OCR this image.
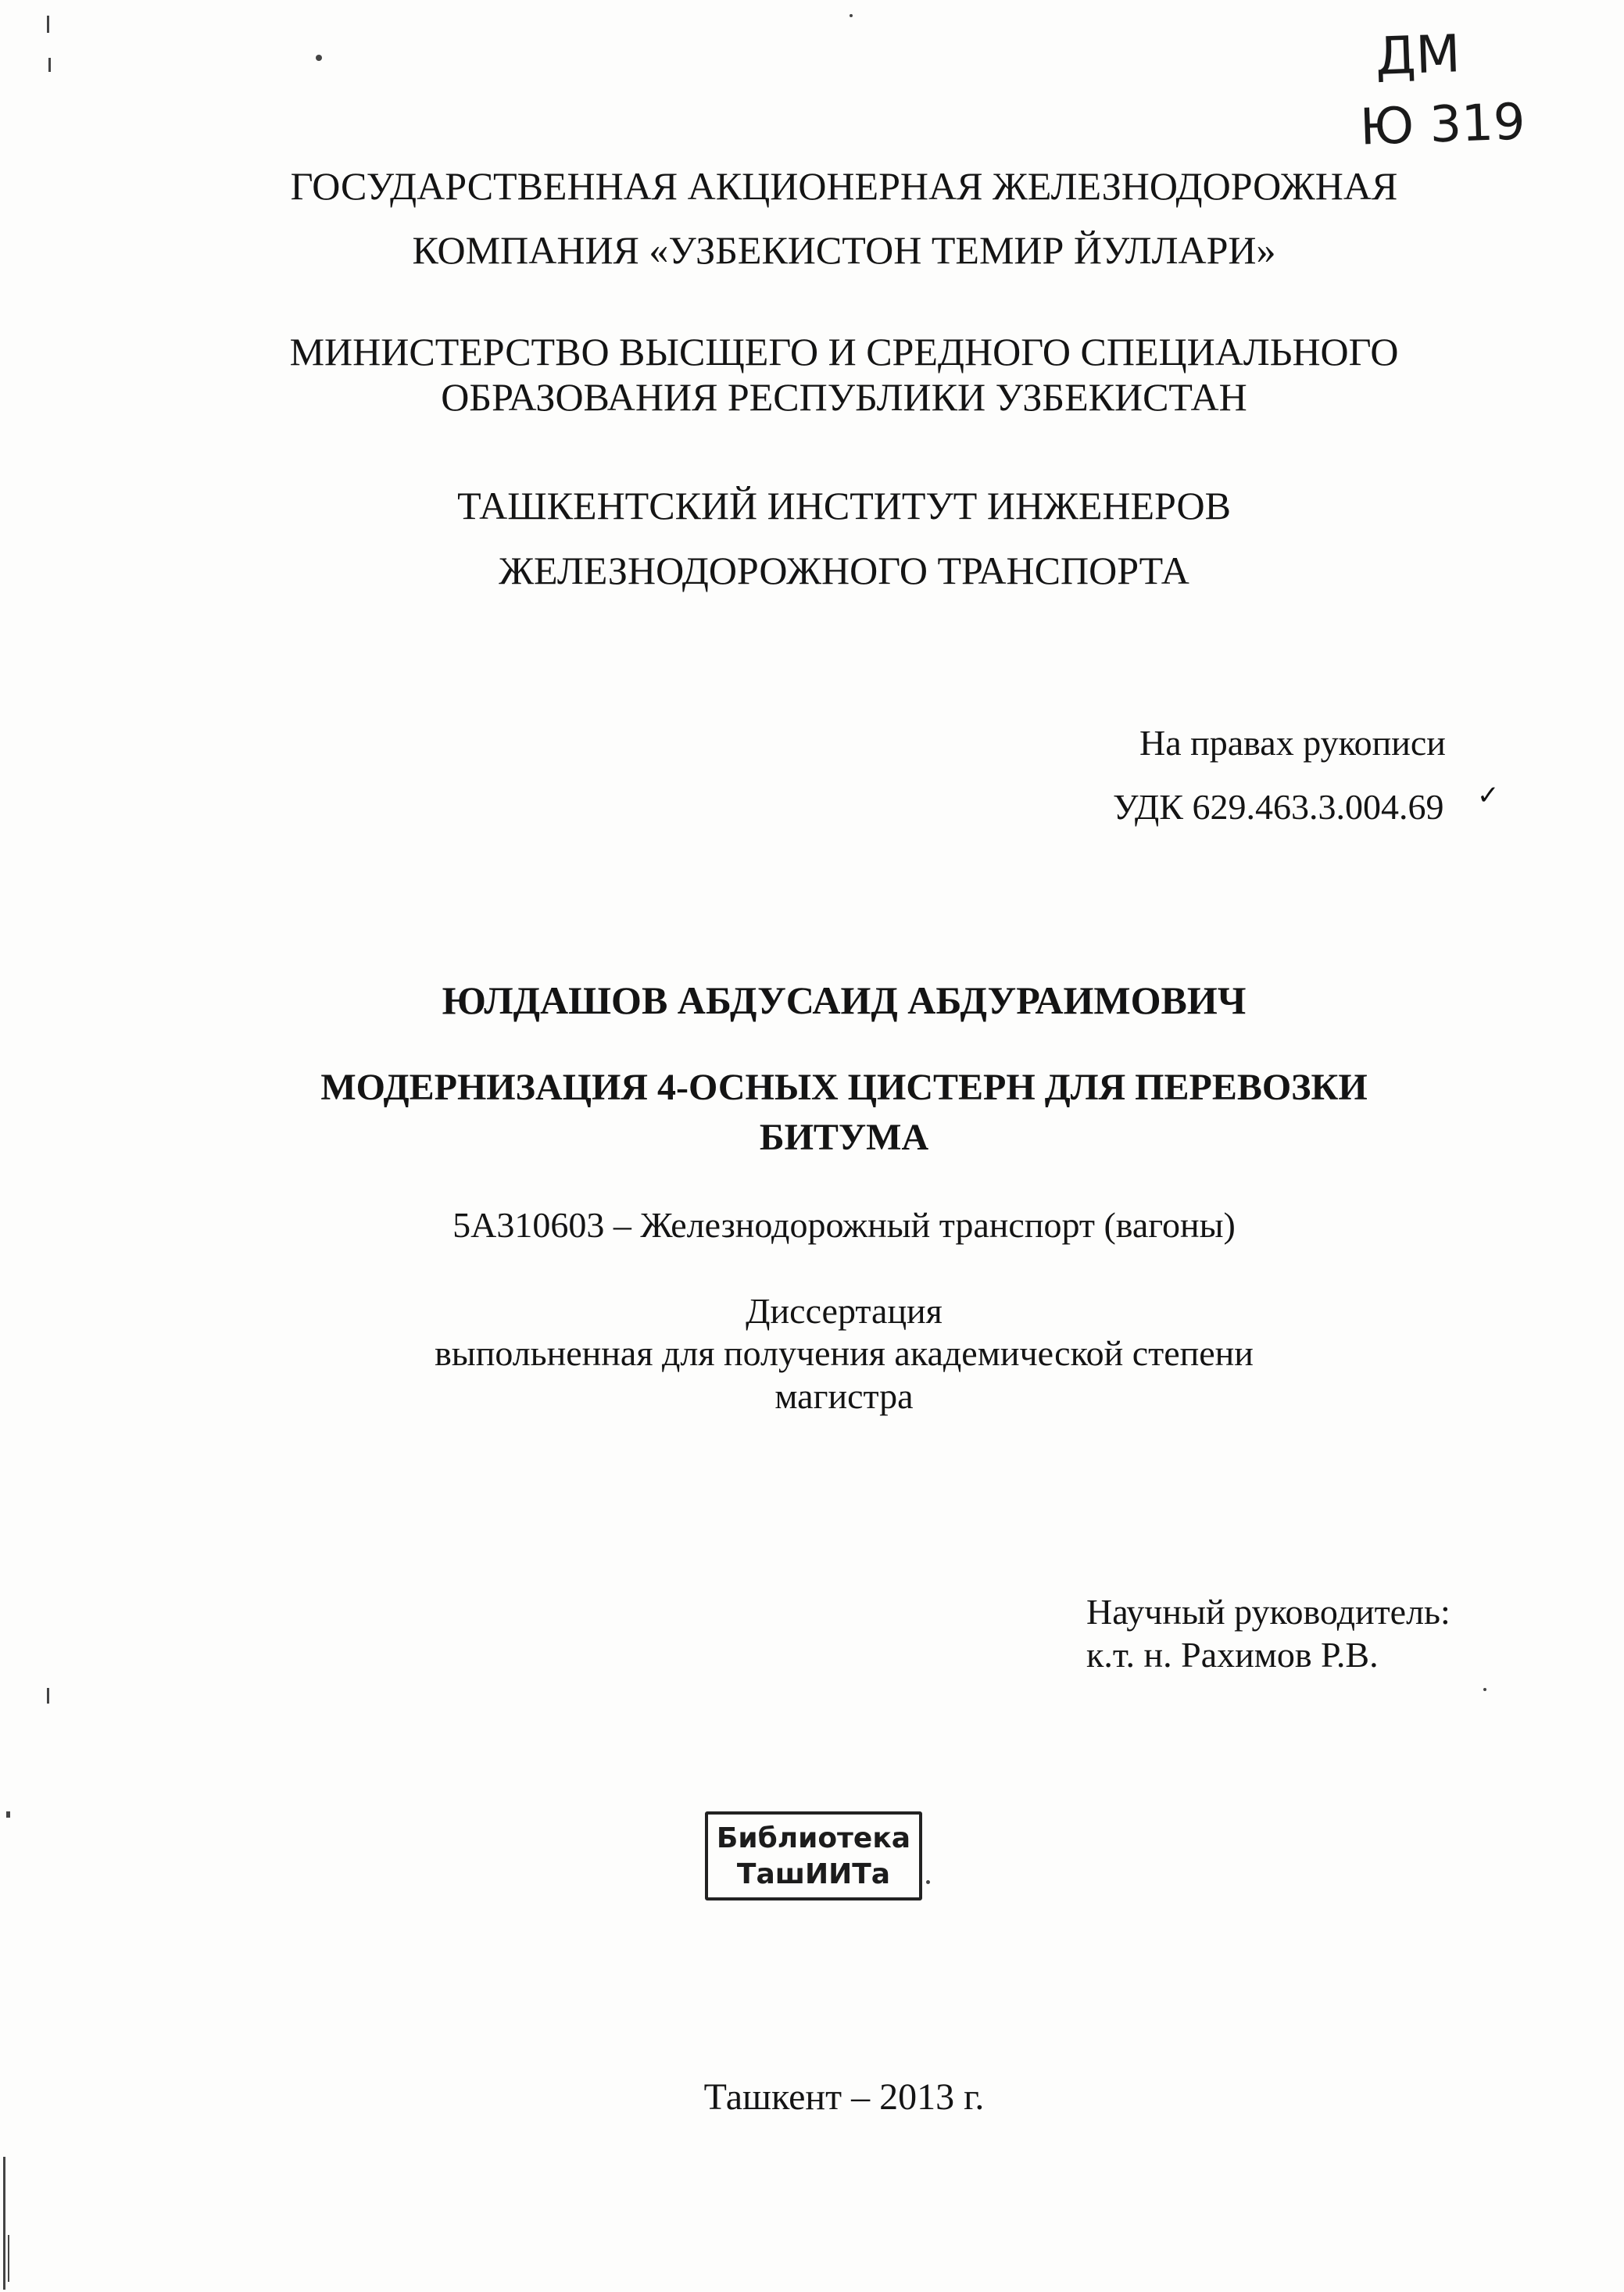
ДМ
Ю 319
ГОСУДАРСТВЕННАЯ АКЦИОНЕРНАЯ ЖЕЛЕЗНОДОРОЖНАЯ
КОМПАНИЯ «УЗБЕКИСТОН ТЕМИР ЙУЛЛАРИ»
МИНИСТЕРСТВО ВЫСЩЕГО И СРЕДНОГО СПЕЦИАЛЬНОГО
ОБРАЗОВАНИЯ РЕСПУБЛИКИ УЗБЕКИСТАН
ТАШКЕНТСКИЙ ИНСТИТУТ ИНЖЕНЕРОВ
ЖЕЛЕЗНОДОРОЖНОГО ТРАНСПОРТА
На правах рукописи
УДК 629.463.3.004.69 ✓
ЮЛДАШОВ АБДУСАИД АБДУРАИМОВИЧ
МОДЕРНИЗАЦИЯ 4-ОСНЫХ ЦИСТЕРН ДЛЯ ПЕРЕВОЗКИ
БИТУМА
5А310603 – Железнодорожный транспорт (вагоны)
Диссертация
выпольненная для получения академической степени
магистра
Научный руководитель:
к.т. н. Рахимов Р.В.
Библиотека
ТашИИТа
Ташкент – 2013 г.
